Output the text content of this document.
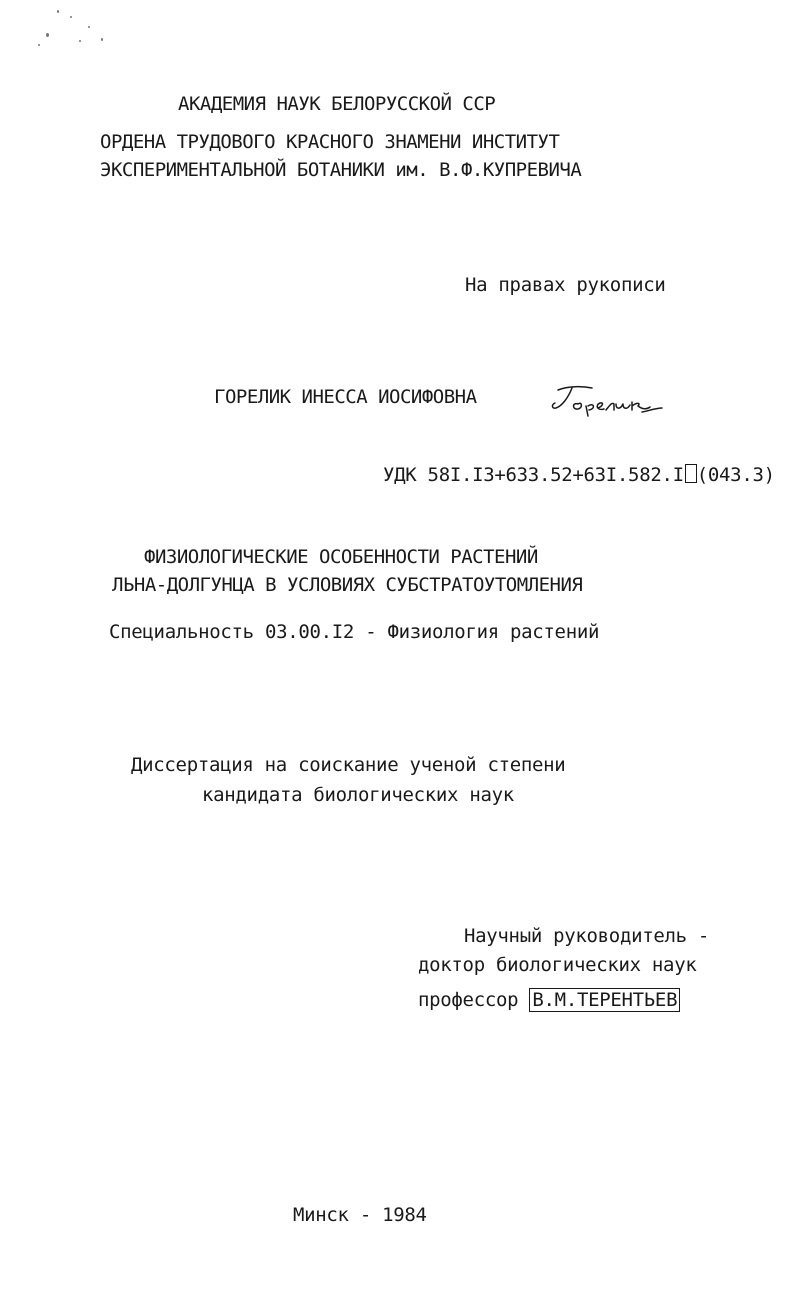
АКАДЕМИЯ НАУК БЕЛОРУССКОЙ ССР
ОРДЕНА ТРУДОВОГО КРАСНОГО ЗНАМЕНИ ИНСТИТУТ
ЭКСПЕРИМЕНТАЛЬНОЙ БОТАНИКИ им. В.Ф.КУПРЕВИЧА
На правах рукописи
ГОРЕЛИК ИНЕССА ИОСИФОВНА
УДК 58I.I3+633.52+63I.582.I (043.3)
ФИЗИОЛОГИЧЕСКИЕ ОСОБЕННОСТИ РАСТЕНИЙ
ЛЬНА-ДОЛГУНЦА В УСЛОВИЯХ СУБСТРАТОУТОМЛЕНИЯ
Специальность 03.00.I2 - Физиология растений
Диссертация на соискание ученой степени
кандидата биологических наук
Научный руководитель -
доктор биологических наук
профессор В.М.ТЕРЕНТЬЕВ
Минск - 1984
